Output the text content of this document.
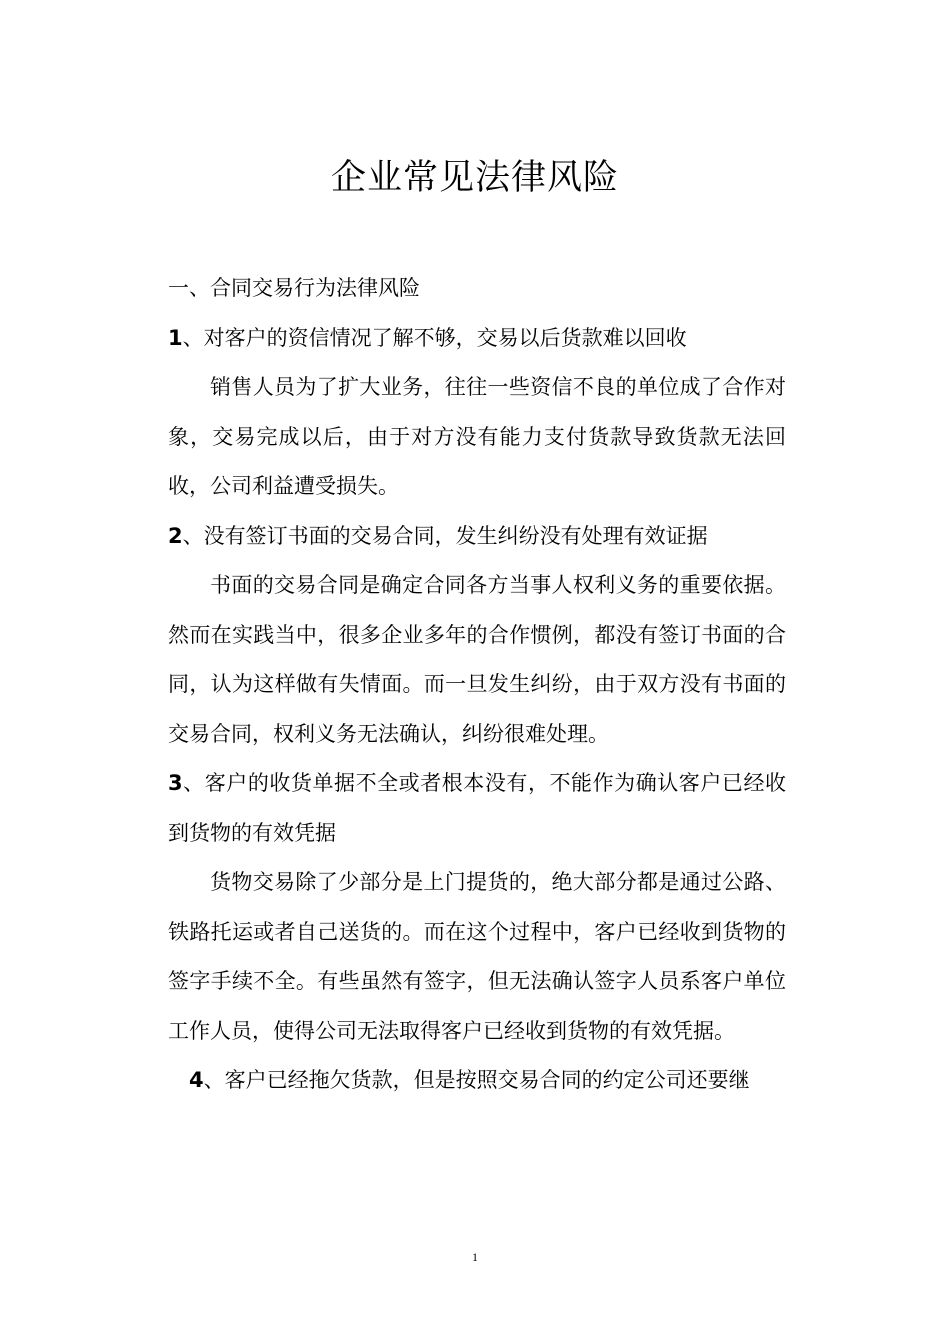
企业常见法律风险

一、合同交易行为法律风险

1、对客户的资信情况了解不够，交易以后货款难以回收

销售人员为了扩大业务，往往一些资信不良的单位成了合作对象，交易完成以后，由于对方没有能力支付货款导致货款无法回收，公司利益遭受损失。

2、没有签订书面的交易合同，发生纠纷没有处理有效证据

书面的交易合同是确定合同各方当事人权利义务的重要依据。然而在实践当中，很多企业多年的合作惯例，都没有签订书面的合同，认为这样做有失情面。而一旦发生纠纷，由于双方没有书面的交易合同，权利义务无法确认，纠纷很难处理。

3、客户的收货单据不全或者根本没有，不能作为确认客户已经收到货物的有效凭据

货物交易除了少部分是上门提货的，绝大部分都是通过公路、铁路托运或者自己送货的。而在这个过程中，客户已经收到货物的签字手续不全。有些虽然有签字，但无法确认签字人员系客户单位工作人员，使得公司无法取得客户已经收到货物的有效凭据。

4、客户已经拖欠货款，但是按照交易合同的约定公司还要继

1
